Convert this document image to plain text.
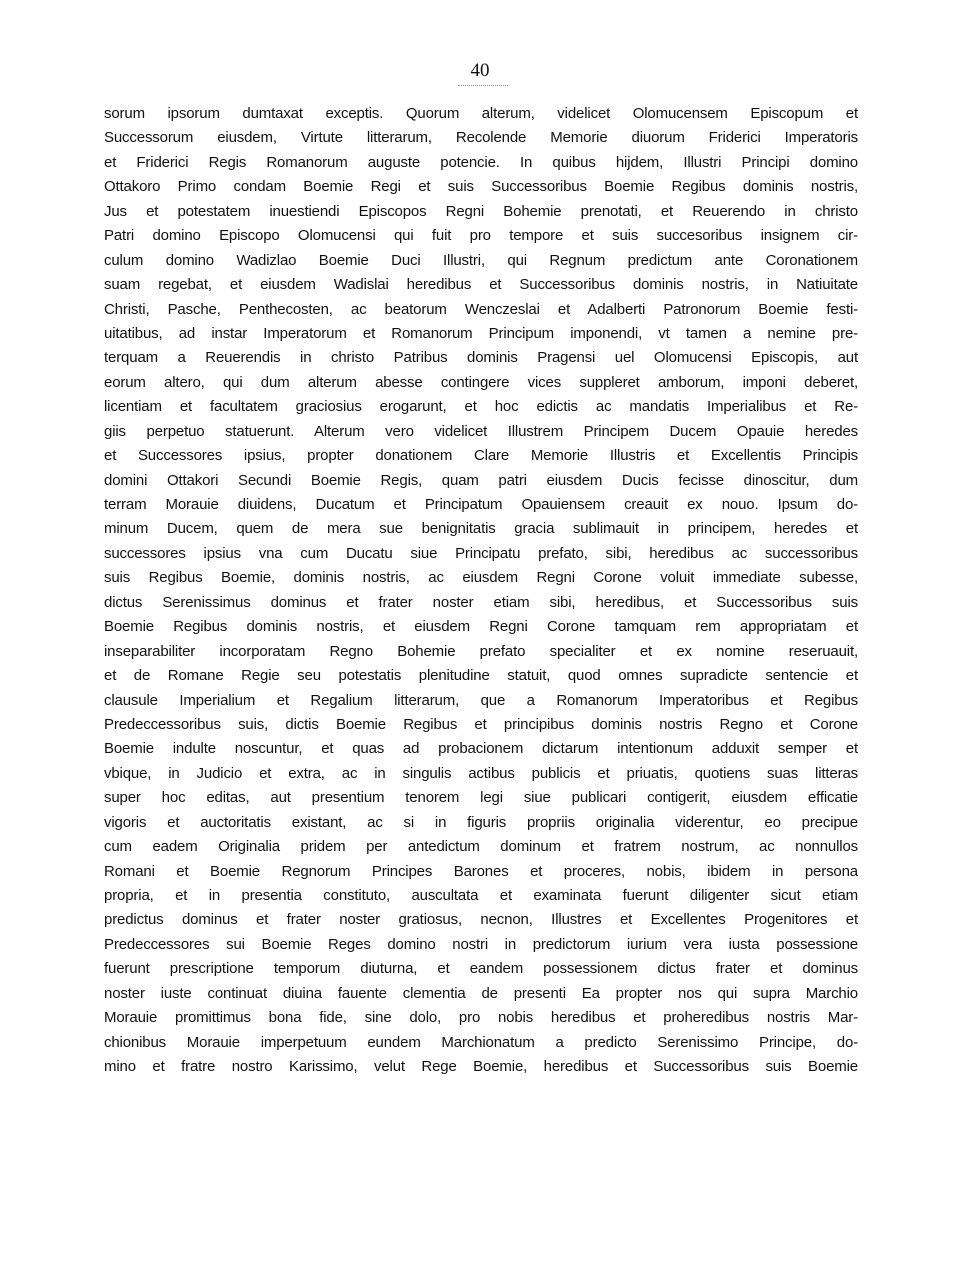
40

sorum ipsorum dumtaxat exceptis. Quorum alterum, videlicet Olomucensem Episcopum et
Successorum eiusdem, Virtute litterarum, Recolende Memorie diuorum Friderici Imperatoris
et Friderici Regis Romanorum auguste potencie. In quibus hijdem, Illustri Principi domino
Ottakoro Primo condam Boemie Regi et suis Successoribus Boemie Regibus dominis nostris,
Jus et potestatem inuestiendi Episcopos Regni Bohemie prenotati, et Reuerendo in christo
Patri domino Episcopo Olomucensi qui fuit pro tempore et suis succesoribus insignem cir-
culum domino Wadizlao Boemie Duci Illustri, qui Regnum predictum ante Coronationem
suam regebat, et eiusdem Wadislai heredibus et Successoribus dominis nostris, in Natiuitate
Christi, Pasche, Penthecosten, ac beatorum Wenczeslai et Adalberti Patronorum Boemie festi-
uitatibus, ad instar Imperatorum et Romanorum Principum imponendi, vt tamen a nemine pre-
terquam a Reuerendis in christo Patribus dominis Pragensi uel Olomucensi Episcopis, aut
eorum altero, qui dum alterum abesse contingere vices suppleret amborum, imponi deberet,
licentiam et facultatem graciosius erogarunt, et hoc edictis ac mandatis Imperialibus et Re-
giis perpetuo statuerunt. Alterum vero videlicet Illustrem Principem Ducem Opauie heredes
et Successores ipsius, propter donationem Clare Memorie Illustris et Excellentis Principis
domini Ottakori Secundi Boemie Regis, quam patri eiusdem Ducis fecisse dinoscitur, dum
terram Morauie diuidens, Ducatum et Principatum Opauiensem creauit ex nouo. Ipsum do-
minum Ducem, quem de mera sue benignitatis gracia sublimauit in principem, heredes et
successores ipsius vna cum Ducatu siue Principatu prefato, sibi, heredibus ac successoribus
suis Regibus Boemie, dominis nostris, ac eiusdem Regni Corone voluit immediate subesse,
dictus Serenissimus dominus et frater noster etiam sibi, heredibus, et Successoribus suis
Boemie Regibus dominis nostris, et eiusdem Regni Corone tamquam rem appropriatam et
inseparabiliter incorporatam Regno Bohemie prefato specialiter et ex nomine reseruauit,
et de Romane Regie seu potestatis plenitudine statuit, quod omnes supradicte sentencie et
clausule Imperialium et Regalium litterarum, que a Romanorum Imperatoribus et Regibus
Predeccessoribus suis, dictis Boemie Regibus et principibus dominis nostris Regno et Corone
Boemie indulte noscuntur, et quas ad probacionem dictarum intentionum adduxit semper et
vbique, in Judicio et extra, ac in singulis actibus publicis et priuatis, quotiens suas litteras
super hoc editas, aut presentium tenorem legi siue publicari contigerit, eiusdem efficatie
vigoris et auctoritatis existant, ac si in figuris propriis originalia viderentur, eo precipue
cum eadem Originalia pridem per antedictum dominum et fratrem nostrum, ac nonnullos
Romani et Boemie Regnorum Principes Barones et proceres, nobis, ibidem in persona
propria, et in presentia constituto, auscultata et examinata fuerunt diligenter sicut etiam
predictus dominus et frater noster gratiosus, necnon, Illustres et Excellentes Progenitores et
Predeccessores sui Boemie Reges domino nostri in predictorum iurium vera iusta possessione
fuerunt prescriptione temporum diuturna, et eandem possessionem dictus frater et dominus
noster iuste continuat diuina fauente clementia de presenti Ea propter nos qui supra Marchio
Morauie promittimus bona fide, sine dolo, pro nobis heredibus et proheredibus nostris Mar-
chionibus Morauie imperpetuum eundem Marchionatum a predicto Serenissimo Principe, do-
mino et fratre nostro Karissimo, velut Rege Boemie, heredibus et Successoribus suis Boemie
